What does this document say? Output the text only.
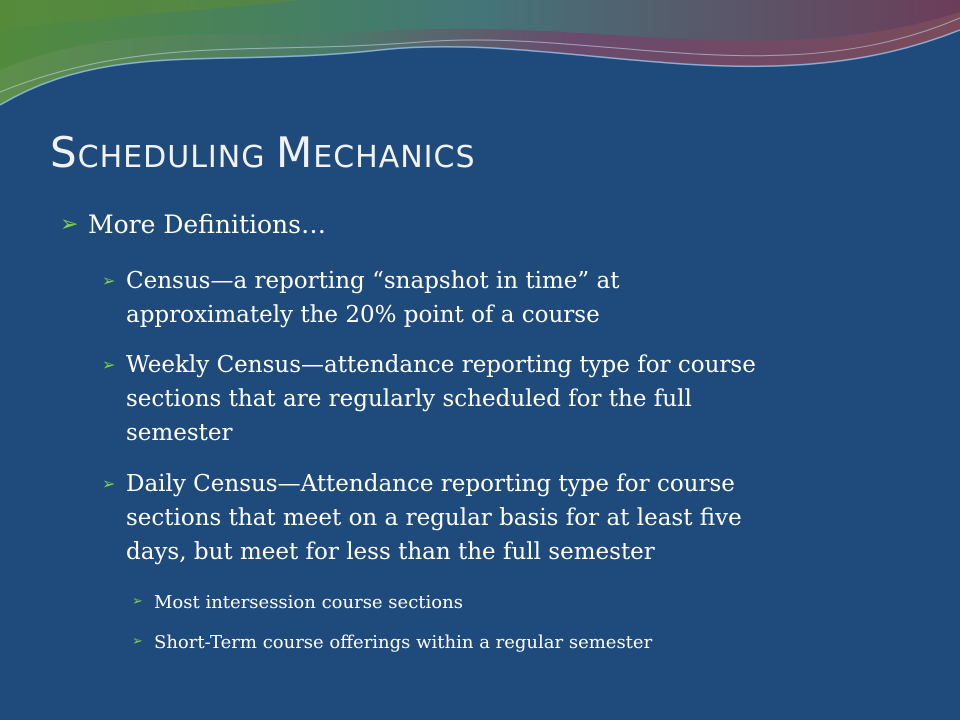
SCHEDULING MECHANICS
➢ More Definitions…
➢ Census—a reporting “snapshot in time” at
approximately the 20% point of a course
➢ Weekly Census—attendance reporting type for course
sections that are regularly scheduled for the full
semester
➢ Daily Census—Attendance reporting type for course
sections that meet on a regular basis for at least five
days, but meet for less than the full semester
➢ Most intersession course sections
➢ Short-Term course offerings within a regular semester
